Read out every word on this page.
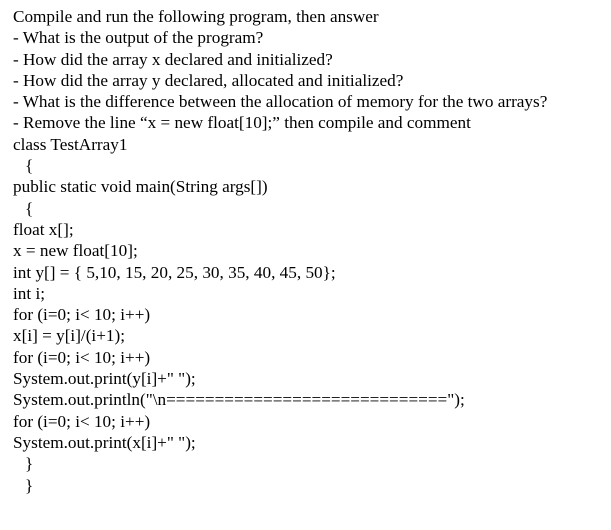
Compile and run the following program, then answer
- What is the output of the program?
- How did the array x declared and initialized?
- How did the array y declared, allocated and initialized?
- What is the difference between the allocation of memory for the two arrays?
- Remove the line “x = new float[10];” then compile and comment
class TestArray1
{
public static void main(String args[])
{
float x[];
x = new float[10];
int y[] = { 5,10, 15, 20, 25, 30, 35, 40, 45, 50};
int i;
for (i=0; i< 10; i++)
x[i] = y[i]/(i+1);
for (i=0; i< 10; i++)
System.out.print(y[i]+" ");
System.out.println("\n=============================");
for (i=0; i< 10; i++)
System.out.print(x[i]+" ");
}
}
